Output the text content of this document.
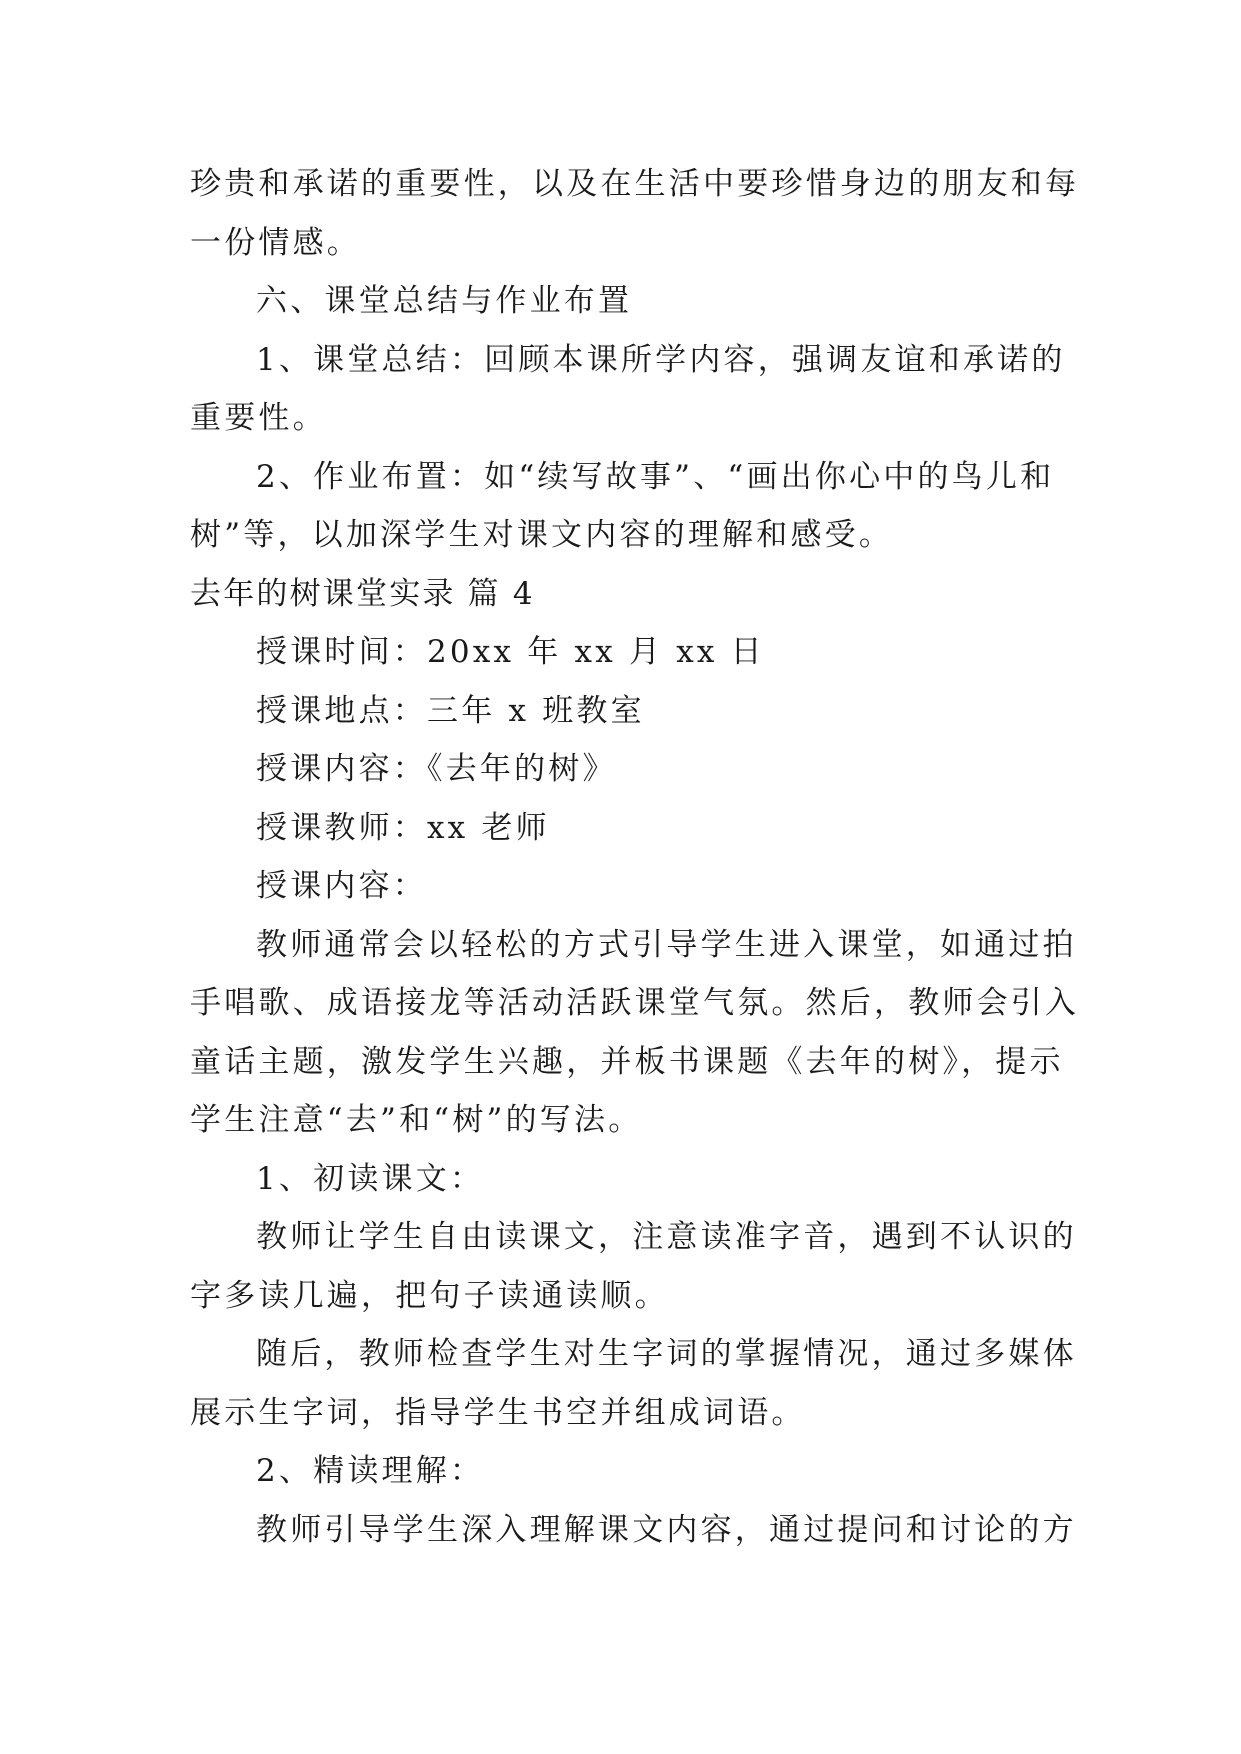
珍贵和承诺的重要性，以及在生活中要珍惜身边的朋友和每
一份情感。
六、课堂总结与作业布置
1、课堂总结：回顾本课所学内容，强调友谊和承诺的
重要性。
2、作业布置：如“续写故事”、“画出你心中的鸟儿和
树”等，以加深学生对课文内容的理解和感受。
去年的树课堂实录 篇 4
授课时间：20xx 年 xx 月 xx 日
授课地点：三年 x 班教室
授课内容：《去年的树》
授课教师：xx 老师
授课内容：
教师通常会以轻松的方式引导学生进入课堂，如通过拍
手唱歌、成语接龙等活动活跃课堂气氛。然后，教师会引入
童话主题，激发学生兴趣，并板书课题《去年的树》，提示
学生注意“去”和“树”的写法。
1、初读课文：
教师让学生自由读课文，注意读准字音，遇到不认识的
字多读几遍，把句子读通读顺。
随后，教师检查学生对生字词的掌握情况，通过多媒体
展示生字词，指导学生书空并组成词语。
2、精读理解：
教师引导学生深入理解课文内容，通过提问和讨论的方
